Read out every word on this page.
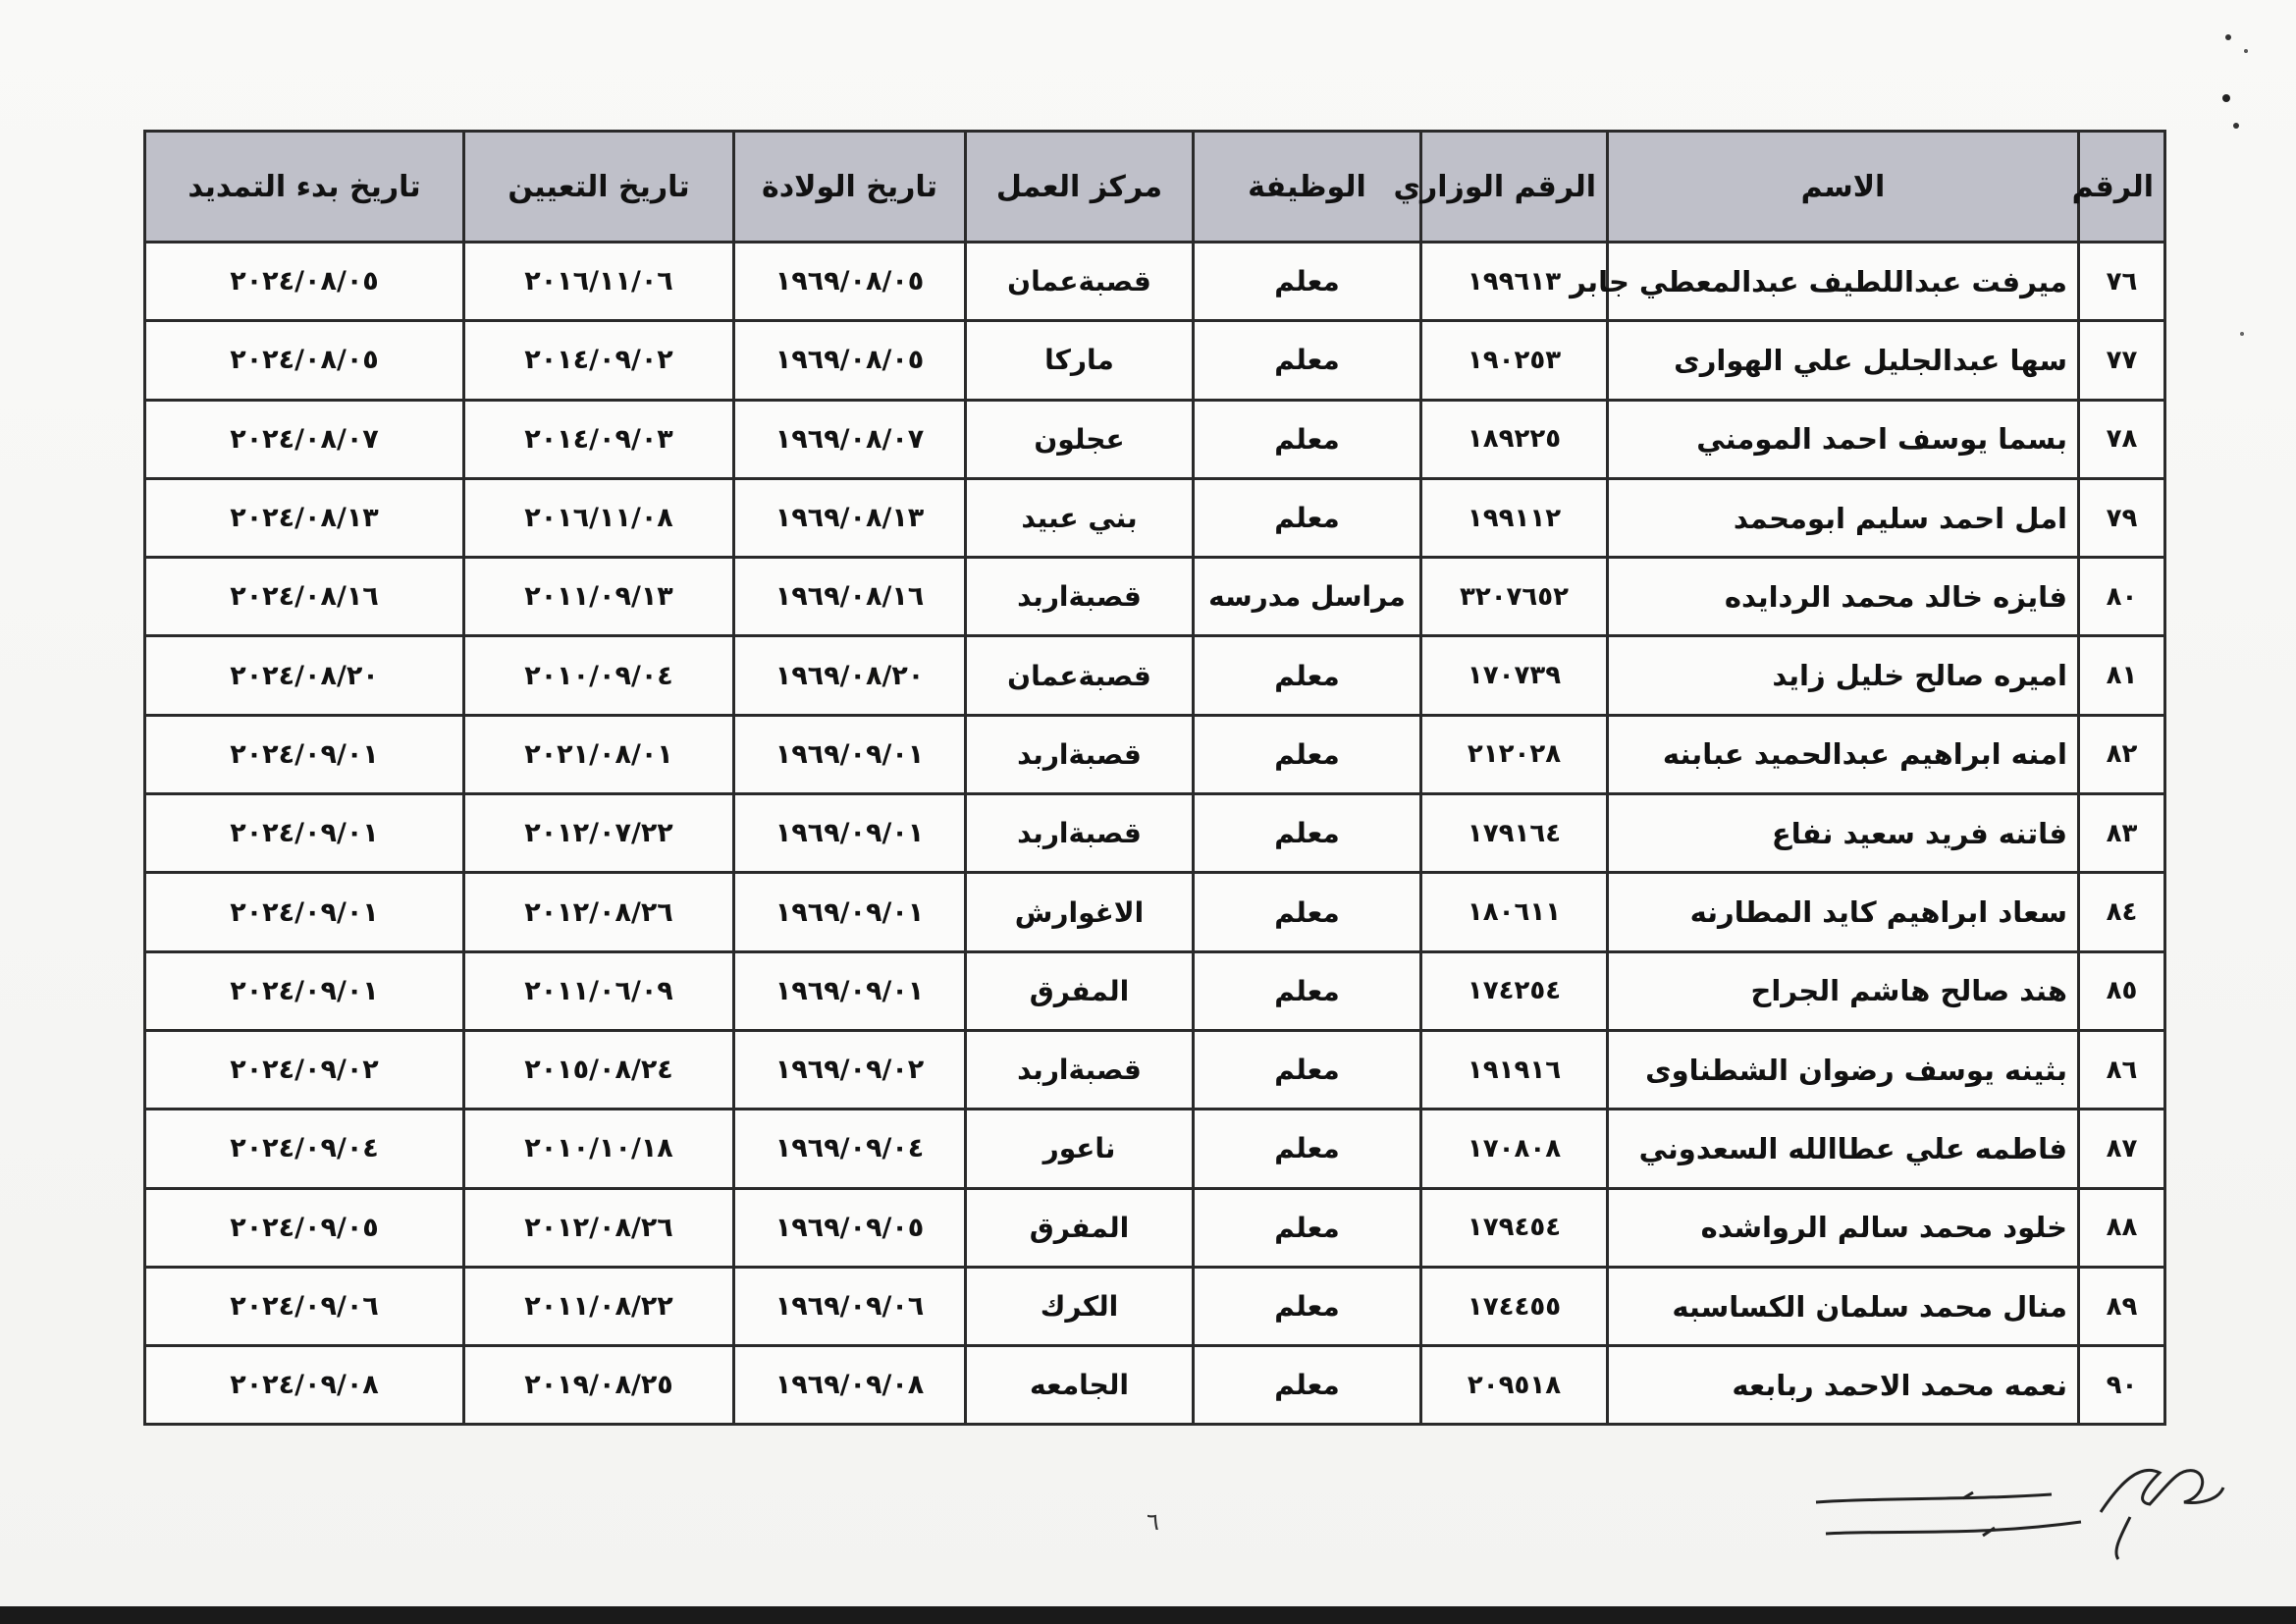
الرقم	الاسم	الرقم الوزاري	الوظيفة	مركز العمل	تاريخ الولادة	تاريخ التعيين	تاريخ بدء التمديد
٧٦	ميرفت عبداللطيف عبدالمعطي جابر	١٩٩٦١٣	معلم	قصبةعمان	١٩٦٩/٠٨/٠٥	٢٠١٦/١١/٠٦	٢٠٢٤/٠٨/٠٥
٧٧	سها عبدالجليل علي الهوارى	١٩٠٢٥٣	معلم	ماركا	١٩٦٩/٠٨/٠٥	٢٠١٤/٠٩/٠٢	٢٠٢٤/٠٨/٠٥
٧٨	بسما يوسف احمد المومني	١٨٩٢٢٥	معلم	عجلون	١٩٦٩/٠٨/٠٧	٢٠١٤/٠٩/٠٣	٢٠٢٤/٠٨/٠٧
٧٩	امل احمد سليم ابومحمد	١٩٩١١٢	معلم	بني عبيد	١٩٦٩/٠٨/١٣	٢٠١٦/١١/٠٨	٢٠٢٤/٠٨/١٣
٨٠	فايزه خالد محمد الردايده	٣٢٠٧٦٥٢	مراسل مدرسه	قصبةاربد	١٩٦٩/٠٨/١٦	٢٠١١/٠٩/١٣	٢٠٢٤/٠٨/١٦
٨١	اميره صالح خليل زايد	١٧٠٧٣٩	معلم	قصبةعمان	١٩٦٩/٠٨/٢٠	٢٠١٠/٠٩/٠٤	٢٠٢٤/٠٨/٢٠
٨٢	امنه ابراهيم عبدالحميد عبابنه	٢١٢٠٢٨	معلم	قصبةاربد	١٩٦٩/٠٩/٠١	٢٠٢١/٠٨/٠١	٢٠٢٤/٠٩/٠١
٨٣	فاتنه فريد سعيد نفاع	١٧٩١٦٤	معلم	قصبةاربد	١٩٦٩/٠٩/٠١	٢٠١٢/٠٧/٢٢	٢٠٢٤/٠٩/٠١
٨٤	سعاد ابراهيم كايد المطارنه	١٨٠٦١١	معلم	الاغوارش	١٩٦٩/٠٩/٠١	٢٠١٢/٠٨/٢٦	٢٠٢٤/٠٩/٠١
٨٥	هند صالح هاشم الجراح	١٧٤٢٥٤	معلم	المفرق	١٩٦٩/٠٩/٠١	٢٠١١/٠٦/٠٩	٢٠٢٤/٠٩/٠١
٨٦	بثينه يوسف رضوان الشطناوى	١٩١٩١٦	معلم	قصبةاربد	١٩٦٩/٠٩/٠٢	٢٠١٥/٠٨/٢٤	٢٠٢٤/٠٩/٠٢
٨٧	فاطمه علي عطاالله السعدوني	١٧٠٨٠٨	معلم	ناعور	١٩٦٩/٠٩/٠٤	٢٠١٠/١٠/١٨	٢٠٢٤/٠٩/٠٤
٨٨	خلود محمد سالم الرواشده	١٧٩٤٥٤	معلم	المفرق	١٩٦٩/٠٩/٠٥	٢٠١٢/٠٨/٢٦	٢٠٢٤/٠٩/٠٥
٨٩	منال محمد سلمان الكساسبه	١٧٤٤٥٥	معلم	الكرك	١٩٦٩/٠٩/٠٦	٢٠١١/٠٨/٢٢	٢٠٢٤/٠٩/٠٦
٩٠	نعمه محمد الاحمد ربابعه	٢٠٩٥١٨	معلم	الجامعه	١٩٦٩/٠٩/٠٨	٢٠١٩/٠٨/٢٥	٢٠٢٤/٠٩/٠٨
٦
